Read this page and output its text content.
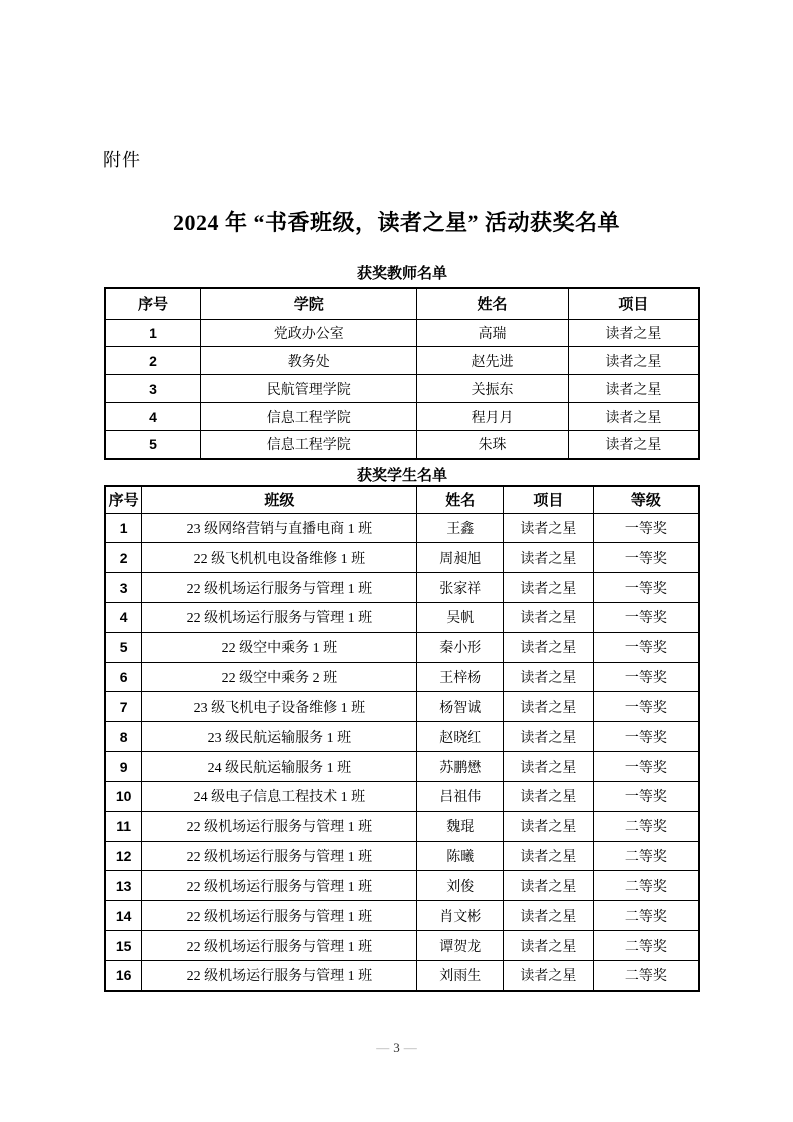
附件
2024 年 “书香班级，读者之星” 活动获奖名单
获奖教师名单
序号	学院	姓名	项目
1	党政办公室	高瑞	读者之星
2	教务处	赵先进	读者之星
3	民航管理学院	关振东	读者之星
4	信息工程学院	程月月	读者之星
5	信息工程学院	朱珠	读者之星
获奖学生名单
序号	班级	姓名	项目	等级
1	23 级网络营销与直播电商 1 班	王鑫	读者之星	一等奖
2	22 级飞机机电设备维修 1 班	周昶旭	读者之星	一等奖
3	22 级机场运行服务与管理 1 班	张家祥	读者之星	一等奖
4	22 级机场运行服务与管理 1 班	吴帆	读者之星	一等奖
5	22 级空中乘务 1 班	秦小形	读者之星	一等奖
6	22 级空中乘务 2 班	王梓杨	读者之星	一等奖
7	23 级飞机电子设备维修 1 班	杨智诚	读者之星	一等奖
8	23 级民航运输服务 1 班	赵晓红	读者之星	一等奖
9	24 级民航运输服务 1 班	苏鹏懋	读者之星	一等奖
10	24 级电子信息工程技术 1 班	吕祖伟	读者之星	一等奖
11	22 级机场运行服务与管理 1 班	魏琨	读者之星	二等奖
12	22 级机场运行服务与管理 1 班	陈曦	读者之星	二等奖
13	22 级机场运行服务与管理 1 班	刘俊	读者之星	二等奖
14	22 级机场运行服务与管理 1 班	肖文彬	读者之星	二等奖
15	22 级机场运行服务与管理 1 班	谭贺龙	读者之星	二等奖
16	22 级机场运行服务与管理 1 班	刘雨生	读者之星	二等奖
— 3 —
